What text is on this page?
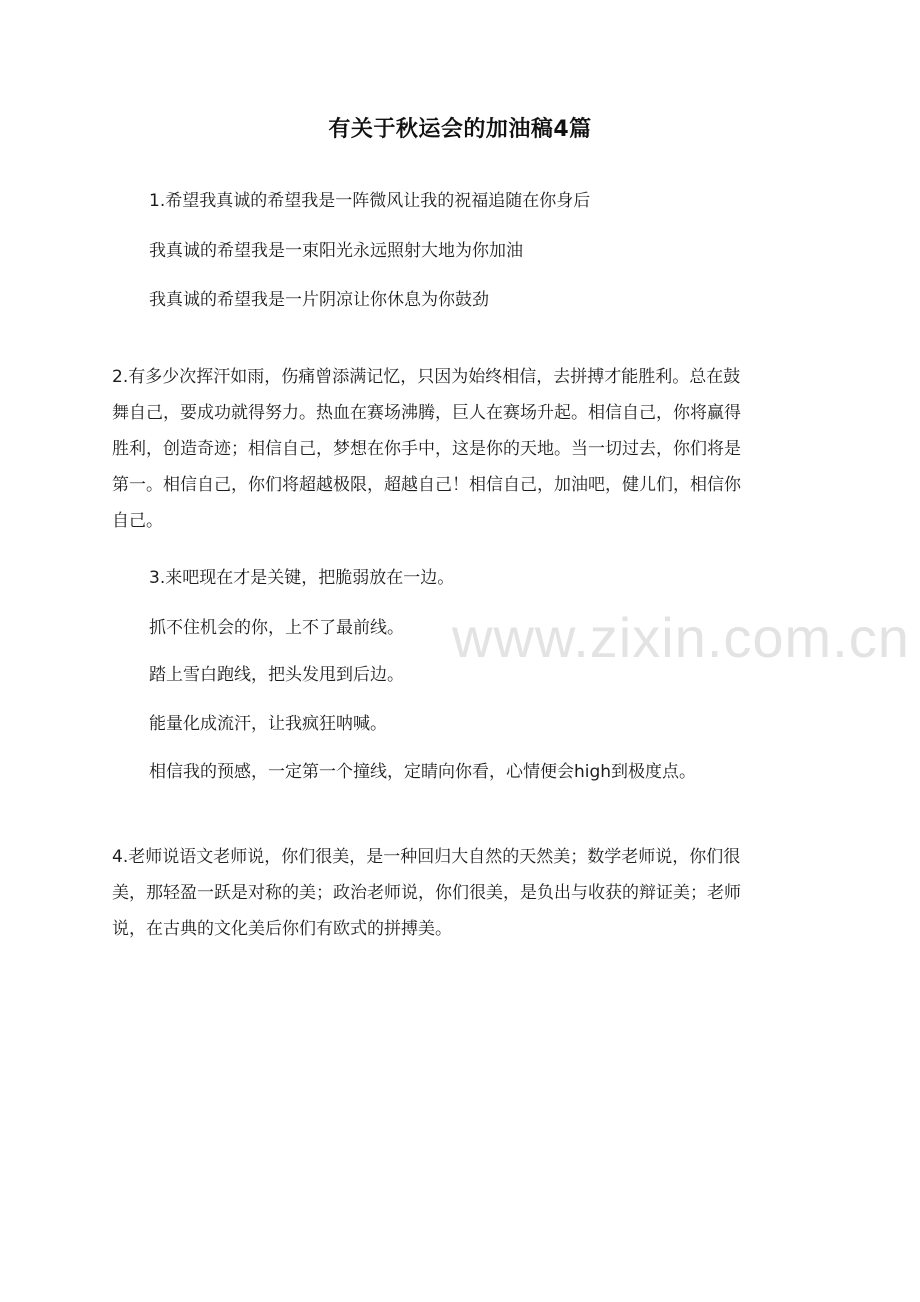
www.zixin.com.cn
有关于秋运会的加油稿4篇
1.希望我真诚的希望我是一阵微风让我的祝福追随在你身后
我真诚的希望我是一束阳光永远照射大地为你加油
我真诚的希望我是一片阴凉让你休息为你鼓劲
2.有多少次挥汗如雨，伤痛曾添满记忆，只因为始终相信，去拼搏才能胜利。总在鼓
舞自己，要成功就得努力。热血在赛场沸腾，巨人在赛场升起。相信自己，你将赢得
胜利，创造奇迹；相信自己，梦想在你手中，这是你的天地。当一切过去，你们将是
第一。相信自己，你们将超越极限，超越自己！相信自己，加油吧，健儿们，相信你
自己。
3.来吧现在才是关键，把脆弱放在一边。
抓不住机会的你，上不了最前线。
踏上雪白跑线，把头发甩到后边。
能量化成流汗，让我疯狂呐喊。
相信我的预感，一定第一个撞线，定睛向你看，心情便会high到极度点。
4.老师说语文老师说，你们很美，是一种回归大自然的天然美；数学老师说，你们很
美，那轻盈一跃是对称的美；政治老师说，你们很美，是负出与收获的辩证美；老师
说，在古典的文化美后你们有欧式的拼搏美。
